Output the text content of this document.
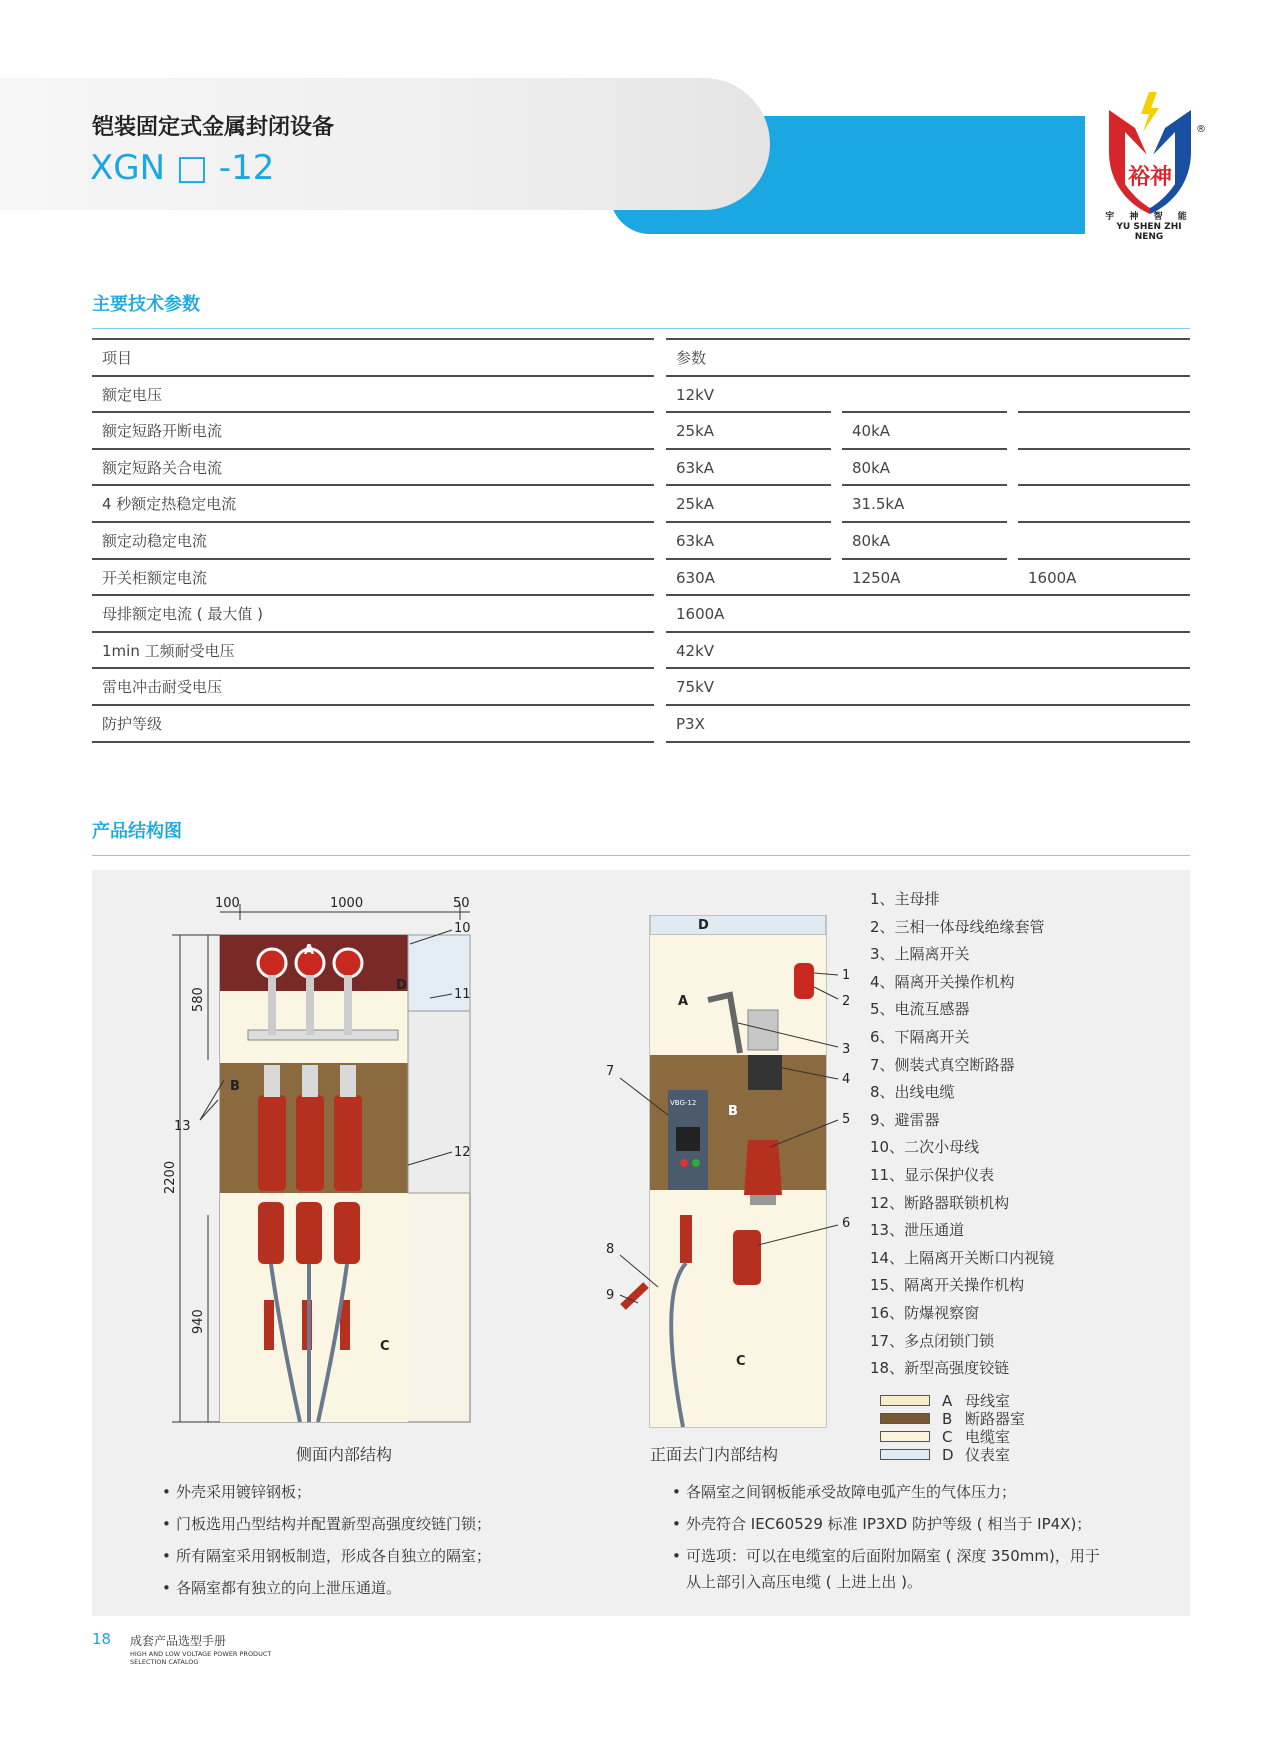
铠装固定式金属封闭设备
XGN □ -12	裕神
®
宇 神 智 能
YU SHEN ZHI NENG
主要技术参数
项目	参数
额定电压	12kV
额定短路开断电流	25kA	40kA
额定短路关合电流	63kA	80kA
4 秒额定热稳定电流	25kA	31.5kA
额定动稳定电流	63kA	80kA
开关柜额定电流	630A	1250A	1600A
母排额定电流 ( 最大值 )	1600A
1min 工频耐受电压	42kV
雷电冲击耐受电压	75kV
防护等级	P3X
产品结构图
100	1000	50
2200
580
940
A
D
B
C
10
11
12
13
侧面内部结构
VBG-12
D
A
B
C
1
2
3
4
5
6
7
8
9
正面去门内部结构
1、主母排
2、三相一体母线绝缘套管
3、上隔离开关
4、隔离开关操作机构
5、电流互感器
6、下隔离开关
7、侧装式真空断路器
8、出线电缆
9、避雷器
10、二次小母线
11、显示保护仪表
12、断路器联锁机构
13、泄压通道
14、上隔离开关断口内视镜
15、隔离开关操作机构
16、防爆视察窗
17、多点闭锁门锁
18、新型高强度铰链
A 母线室
B 断路器室
C 电缆室
D 仪表室
• 外壳采用镀锌钢板；
• 门板选用凸型结构并配置新型高强度绞链门锁；
• 所有隔室采用钢板制造，形成各自独立的隔室；
• 各隔室都有独立的向上泄压通道。
• 各隔室之间钢板能承受故障电弧产生的气体压力；
• 外壳符合 IEC60529 标准 IP3XD 防护等级 ( 相当于 IP4X)；
• 可选项：可以在电缆室的后面附加隔室 ( 深度 350mm)，用于
从上部引入高压电缆 ( 上进上出 )。
18 成套产品选型手册
HIGH AND LOW VOLTAGE POWER PRODUCT
SELECTION CATALOG
